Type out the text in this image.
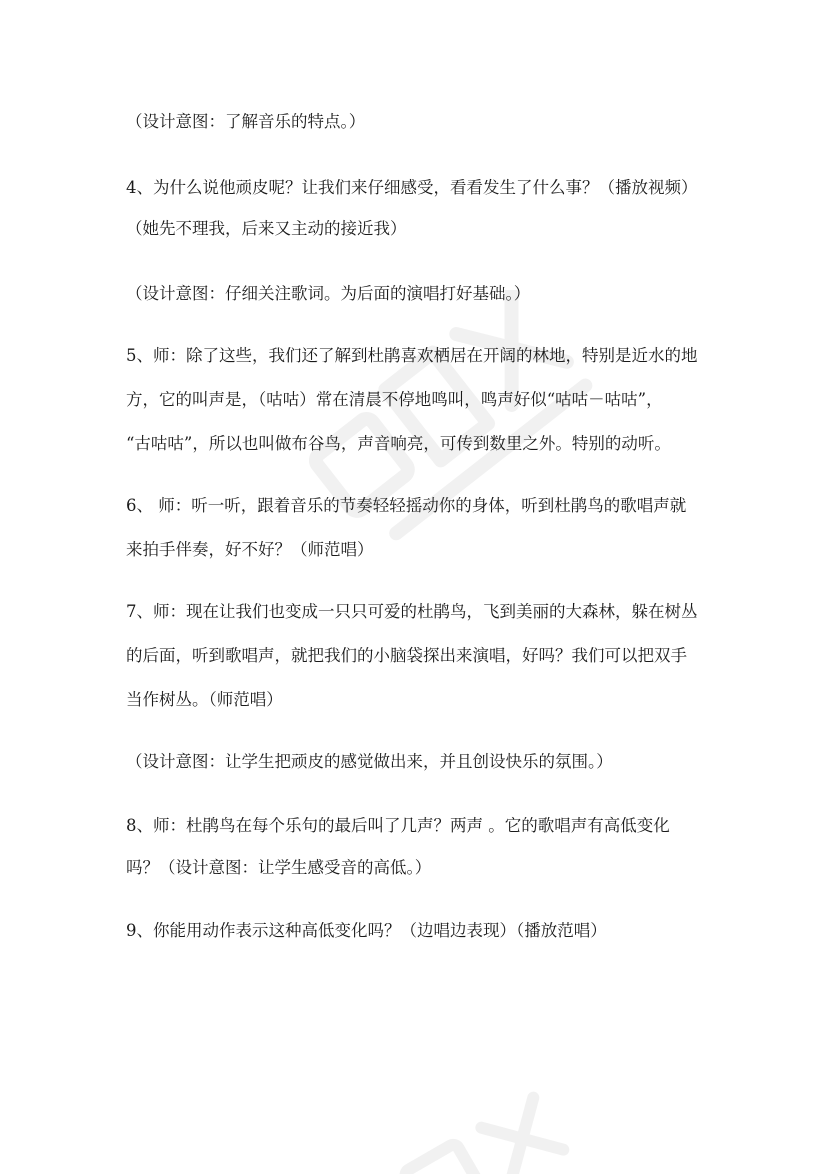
（设计意图：了解音乐的特点。）
4、为什么说他顽皮呢？让我们来仔细感受，看看发生了什么事？（播放视频）
（她先不理我，后来又主动的接近我）
（设计意图：仔细关注歌词。为后面的演唱打好基础。）
5、师：除了这些，我们还了解到杜鹃喜欢栖居在开阔的林地，特别是近水的地
方，它的叫声是，（咕咕）常在清晨不停地鸣叫，鸣声好似“咕咕－咕咕”，
“古咕咕”，所以也叫做布谷鸟，声音响亮，可传到数里之外。特别的动听。
6、 师：听一听，跟着音乐的节奏轻轻摇动你的身体，听到杜鹃鸟的歌唱声就
来拍手伴奏，好不好？（师范唱）
7、师：现在让我们也变成一只只可爱的杜鹃鸟，飞到美丽的大森林，躲在树丛
的后面，听到歌唱声，就把我们的小脑袋探出来演唱，好吗？我们可以把双手
当作树丛。（师范唱）
（设计意图：让学生把顽皮的感觉做出来，并且创设快乐的氛围。）
8、师：杜鹃鸟在每个乐句的最后叫了几声？两声 。它的歌唱声有高低变化
吗？（设计意图：让学生感受音的高低。）
9、你能用动作表示这种高低变化吗？（边唱边表现）（播放范唱）
